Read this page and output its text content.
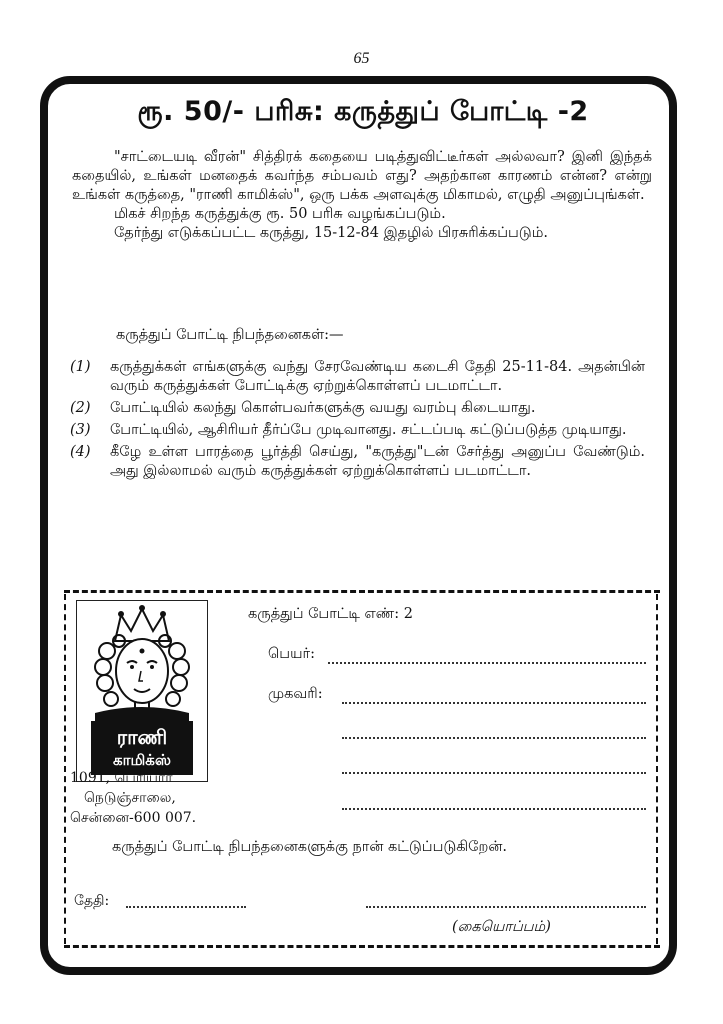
65
ரூ. 50/- பரிசு: கருத்துப் போட்டி -2

"சாட்டையடி வீரன்" சித்திரக் கதையை படித்துவிட்டீர்கள் அல்லவா? இனி இந்தக் கதையில், உங்கள் மனதைக் கவர்ந்த சம்பவம் எது? அதற்கான காரணம் என்ன? என்று உங்கள் கருத்தை, "ராணி காமிக்ஸ்", ஒரு பக்க அளவுக்கு மிகாமல், எழுதி அனுப்புங்கள்.

மிகச் சிறந்த கருத்துக்கு ரூ. 50 பரிசு வழங்கப்படும்.

தேர்ந்து எடுக்கப்பட்ட கருத்து, 15-12-84 இதழில் பிரசுரிக்கப்படும்.

கருத்துப் போட்டி நிபந்தனைகள்:—
(1)	கருத்துக்கள் எங்களுக்கு வந்து சேரவேண்டிய கடைசி தேதி 25-11-84. அதன்பின் வரும் கருத்துக்கள் போட்டிக்கு ஏற்றுக்கொள்ளப் படமாட்டா.
(2)	போட்டியில் கலந்து கொள்பவர்களுக்கு வயது வரம்பு கிடையாது.
(3)	போட்டியில், ஆசிரியர் தீர்ப்பே முடிவானது. சட்டப்படி கட்டுப்படுத்த முடியாது.
(4)	கீழே உள்ள பாரத்தை பூர்த்தி செய்து, "கருத்து"டன் சேர்த்து அனுப்ப வேண்டும். அது இல்லாமல் வரும் கருத்துக்கள் ஏற்றுக்கொள்ளப் படமாட்டா.
ராணி
காமிக்ஸ்
1091, பெரியார்
நெடுஞ்சாலை,
சென்னை-600 007.
கருத்துப் போட்டி எண்: 2
பெயர்:
முகவரி:
கருத்துப் போட்டி நிபந்தனைகளுக்கு நான் கட்டுப்படுகிறேன்.
தேதி:
(கையொப்பம்)
